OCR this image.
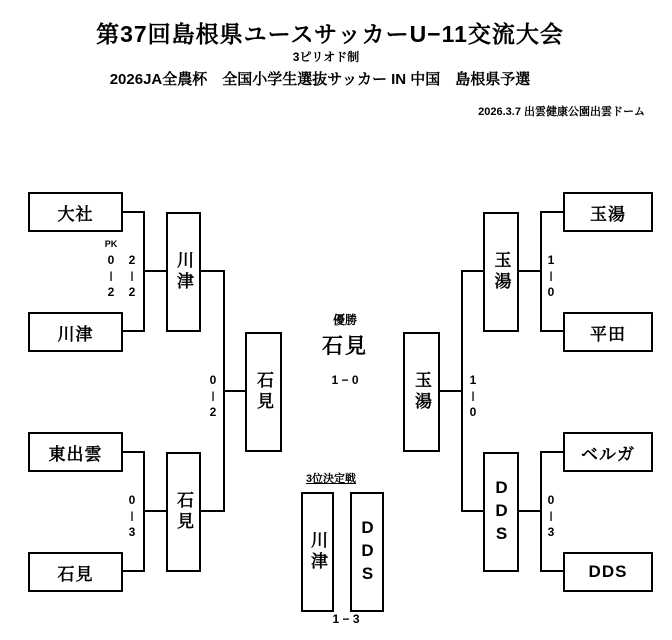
第37回島根県ユースサッカーU−11交流大会
3ピリオド制
2026JA全農杯　全国小学生選抜サッカー IN 中国　島根県予選
2026.3.7 出雲健康公園出雲ドーム
大社
川津
東出雲
石見
玉湯
平田
ベルガ
DDS
川津
石見
玉湯
DDS
石見	玉湯
PK
0
|
2
2
|
2
0
|
3
0
|
2
1
|
0
0
|
3
1
|
0
優勝
石見
1 − 0
3位決定戦
川津 DDS
1 − 3
